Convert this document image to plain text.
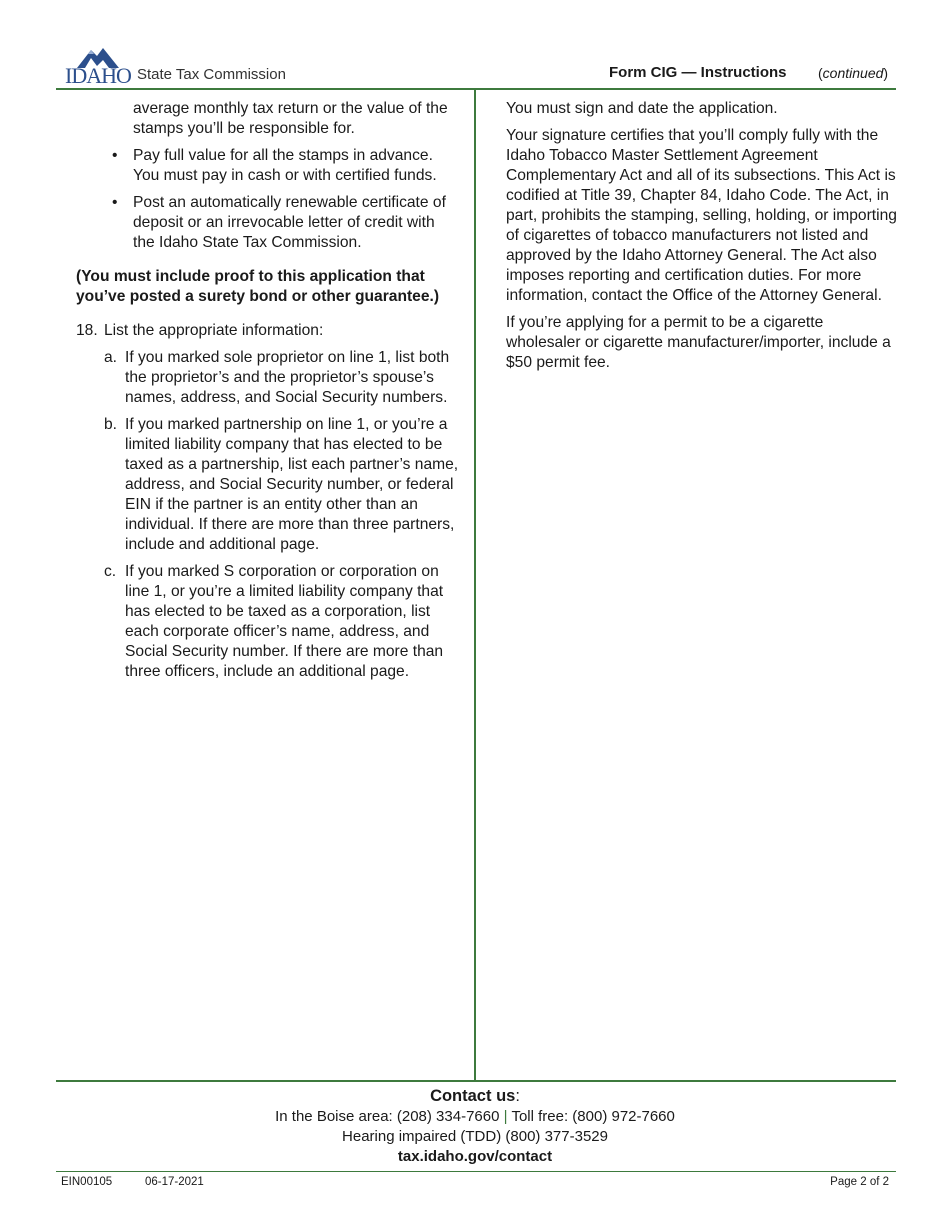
IDAHO State Tax Commission	Form CIG — Instructions (continued)

average monthly tax return or the value of the stamps you’ll be responsible for.

• Pay full value for all the stamps in advance. You must pay in cash or with certified funds.
• Post an automatically renewable certificate of deposit or an irrevocable letter of credit with the Idaho State Tax Commission.

(You must include proof to this application that you’ve posted a surety bond or other guarantee.)

18. List the appropriate information:
a. If you marked sole proprietor on line 1, list both the proprietor’s and the proprietor’s spouse’s names, address, and Social Security numbers.
b. If you marked partnership on line 1, or you’re a limited liability company that has elected to be taxed as a partnership, list each partner’s name, address, and Social Security number, or federal EIN if the partner is an entity other than an individual. If there are more than three partners, include and additional page.
c. If you marked S corporation or corporation on line 1, or you’re a limited liability company that has elected to be taxed as a corporation, list each corporate officer’s name, address, and Social Security number. If there are more than three officers, include an additional page.

You must sign and date the application.

Your signature certifies that you’ll comply fully with the Idaho Tobacco Master Settlement Agreement Complementary Act and all of its subsections. This Act is codified at Title 39, Chapter 84, Idaho Code. The Act, in part, prohibits the stamping, selling, holding, or importing of cigarettes of tobacco manufacturers not listed and approved by the Idaho Attorney General. The Act also imposes reporting and certification duties. For more information, contact the Office of the Attorney General.

If you’re applying for a permit to be a cigarette wholesaler or cigarette manufacturer/importer, include a $50 permit fee.

Contact us:
In the Boise area: (208) 334-7660 | Toll free: (800) 972-7660
Hearing impaired (TDD) (800) 377-3529
tax.idaho.gov/contact
EIN00105	06-17-2021	Page 2 of 2
